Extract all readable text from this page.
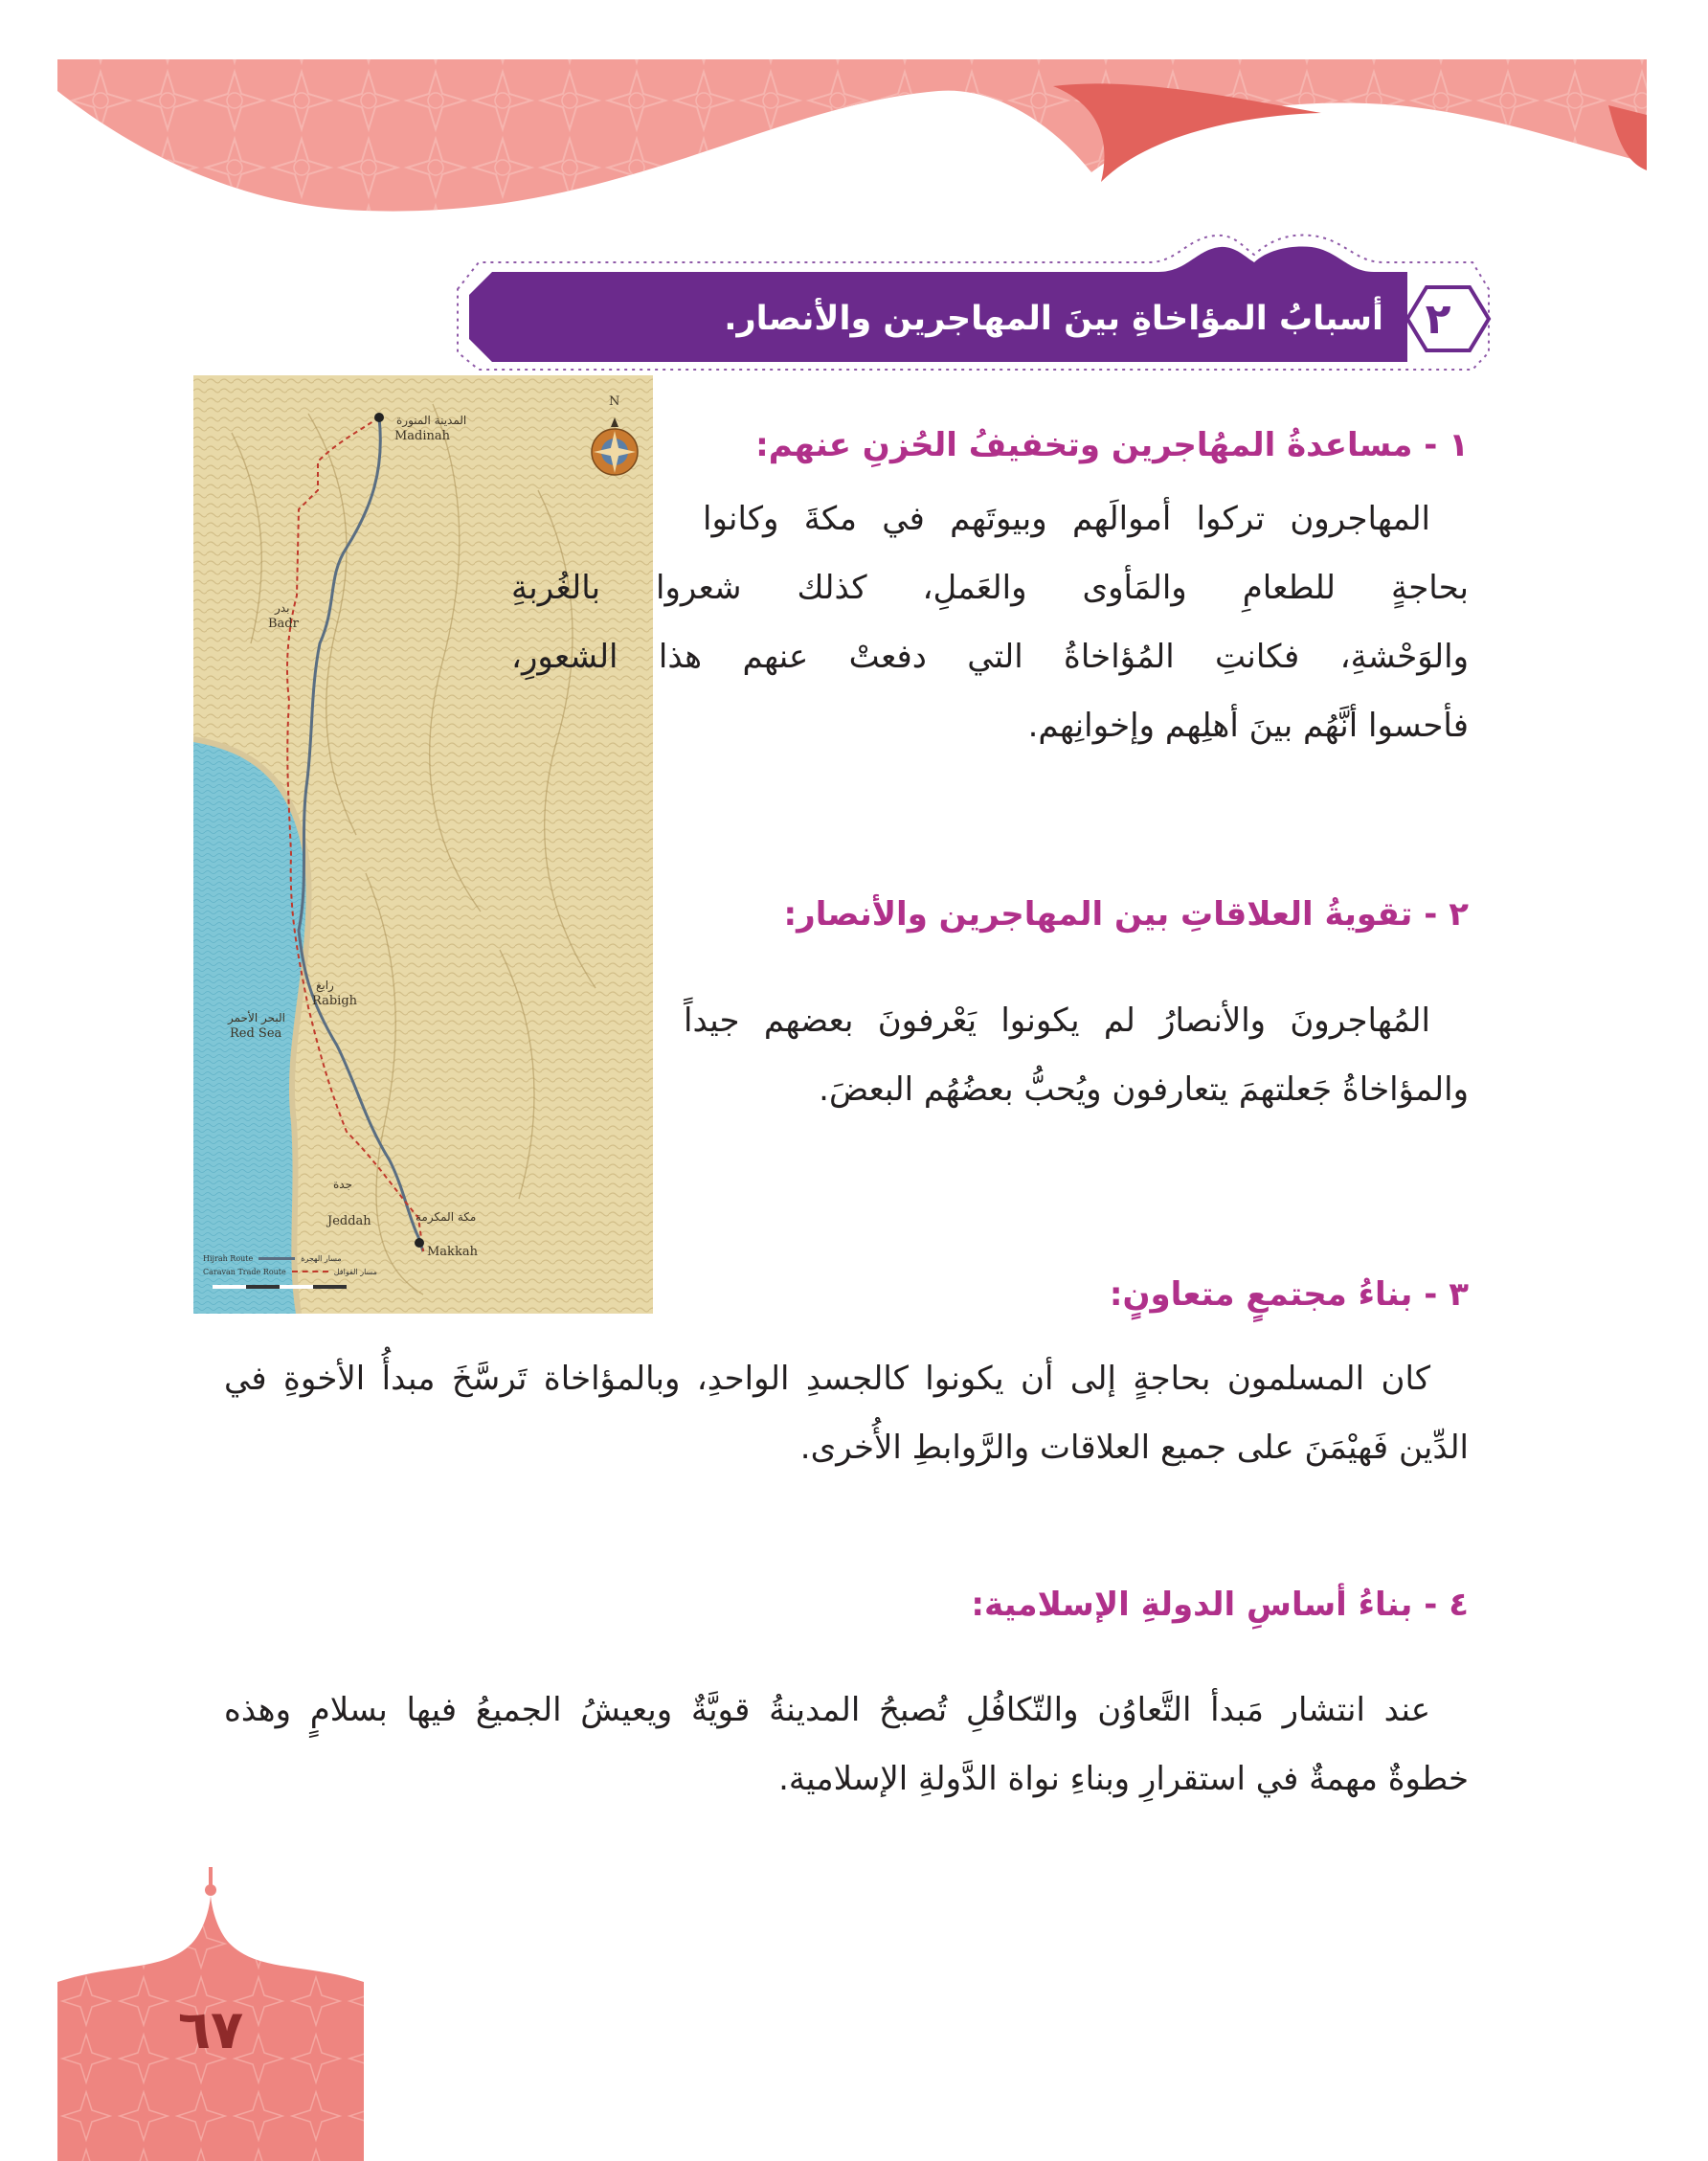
٢
أسبابُ المؤاخاةِ بينَ المهاجرين والأنصار.
N
المدينة المنورة
Madinah
بدر
Badr
رابغ
Rabigh
البحر الأحمر
Red Sea
جدة
Jeddah	مكة المكرمة
Makkah
Hijrah Route	مسار الهجرة
Caravan Trade Route	مسار القوافل
١ - مساعدةُ المهُاجرين وتخفيفُ الحُزنِ عنهم:
المهاجرون تركوا أموالَهم وبيوتَهم في مكةَ وكانوا
بحاجةٍ للطعامِ والمَأوى والعَملِ، كذلك شعروا بالغُربةِ
والوَحْشةِ، فكانتِ المُؤاخاةُ التي دفعتْ عنهم هذا الشعورِ،
فأحسوا أنَّهُم بينَ أهلِهم وإخوانِهم.
٢ - تقويةُ العلاقاتِ بين المهاجرين والأنصار:
المُهاجرونَ والأنصارُ لم يكونوا يَعْرفونَ بعضهم جيداً
والمؤاخاةُ جَعلتهمَ يتعارفون ويُحبُّ بعضُهُم البعضَ.
٣ - بناءُ مجتمعٍ متعاونٍ:
كان المسلمون بحاجةٍ إلى أن يكونوا كالجسدِ الواحدِ، وبالمؤاخاة تَرسَّخَ مبدأُ الأخوةِ في
الدِّين فَهيْمَنَ على جميع العلاقات والرَّوابطِ الأُخرى.
٤ - بناءُ أساسِ الدولةِ الإسلامية:
عند انتشار مَبدأ التَّعاوُن والتّكافُلِ تُصبحُ المدينةُ قويَّةٌ ويعيشُ الجميعُ فيها بسلامٍ وهذه
خطوةٌ مهمةٌ في استقرارِ وبناءِ نواة الدَّولةِ الإسلامية.
٦٧
